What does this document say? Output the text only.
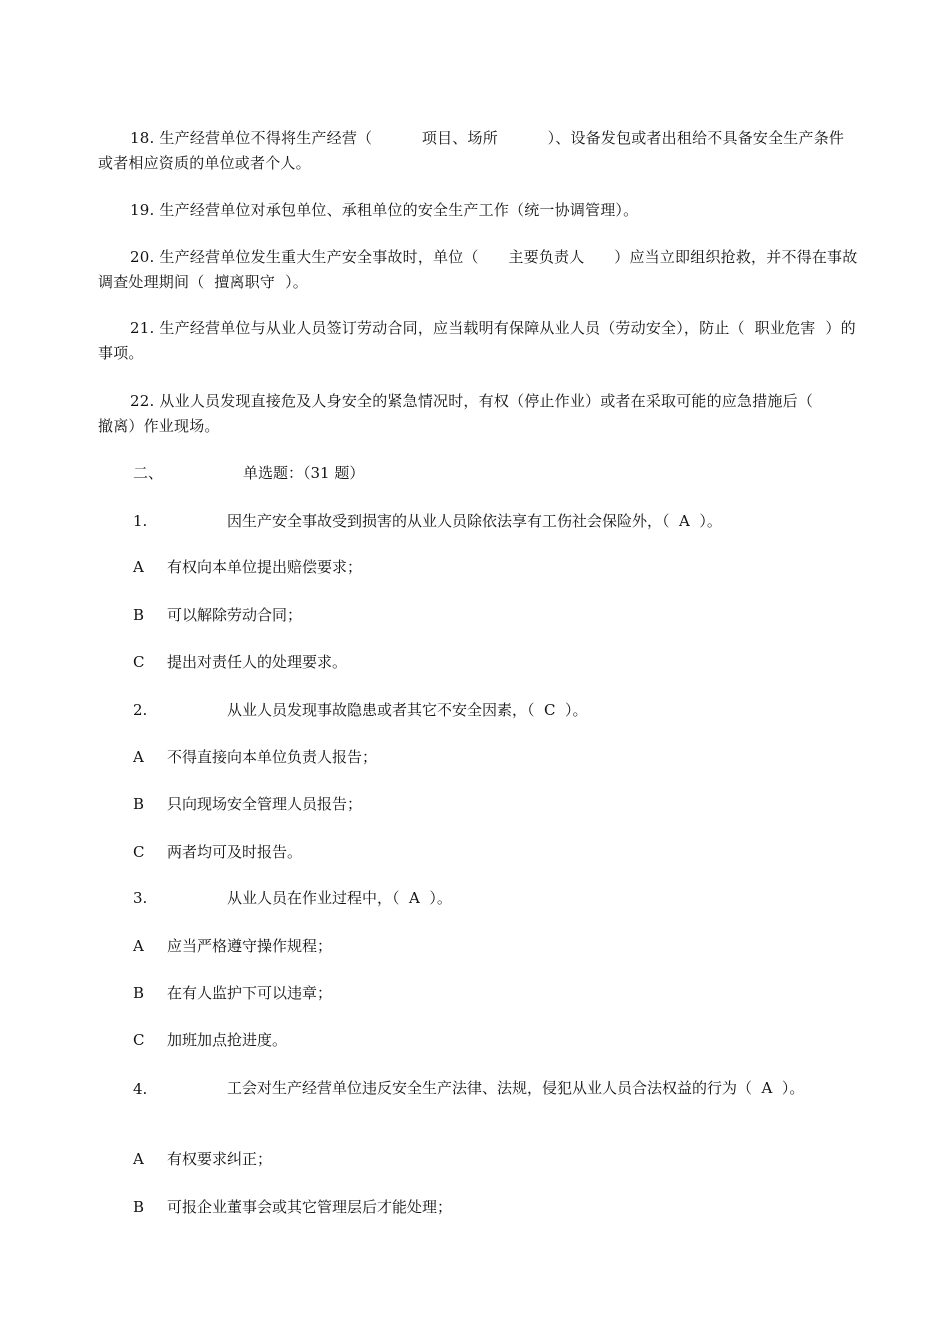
18. 生产经营单位不得将生产经营（          项目、场所          ）、设备发包或者出租给不具备安全生产条件或者相应资质的单位或者个人。
19. 生产经营单位对承包单位、承租单位的安全生产工作（统一协调管理）。
20. 生产经营单位发生重大生产安全事故时，单位（      主要负责人      ）应当立即组织抢救，并不得在事故调查处理期间（  擅离职守  ）。
21. 生产经营单位与从业人员签订劳动合同，应当载明有保障从业人员（劳动安全），防止（  职业危害  ）的事项。
22. 从业人员发现直接危及人身安全的紧急情况时，有权（停止作业）或者在采取可能的应急措施后（      撤离）作业现场。
二、	单选题：（31 题）
1.	因生产安全事故受到损害的从业人员除依法享有工伤社会保险外，（  A  ）。
A 有权向本单位提出赔偿要求；
B 可以解除劳动合同；
C 提出对责任人的处理要求。
2.	从业人员发现事故隐患或者其它不安全因素，（  C  ）。
A 不得直接向本单位负责人报告；
B 只向现场安全管理人员报告；
C 两者均可及时报告。
3.	从业人员在作业过程中，（  A  ）。
A 应当严格遵守操作规程；
B 在有人监护下可以违章；
C 加班加点抢进度。
4.	工会对生产经营单位违反安全生产法律、法规，侵犯从业人员合法权益的行为（  A  ）。
A 有权要求纠正；
B 可报企业董事会或其它管理层后才能处理；
